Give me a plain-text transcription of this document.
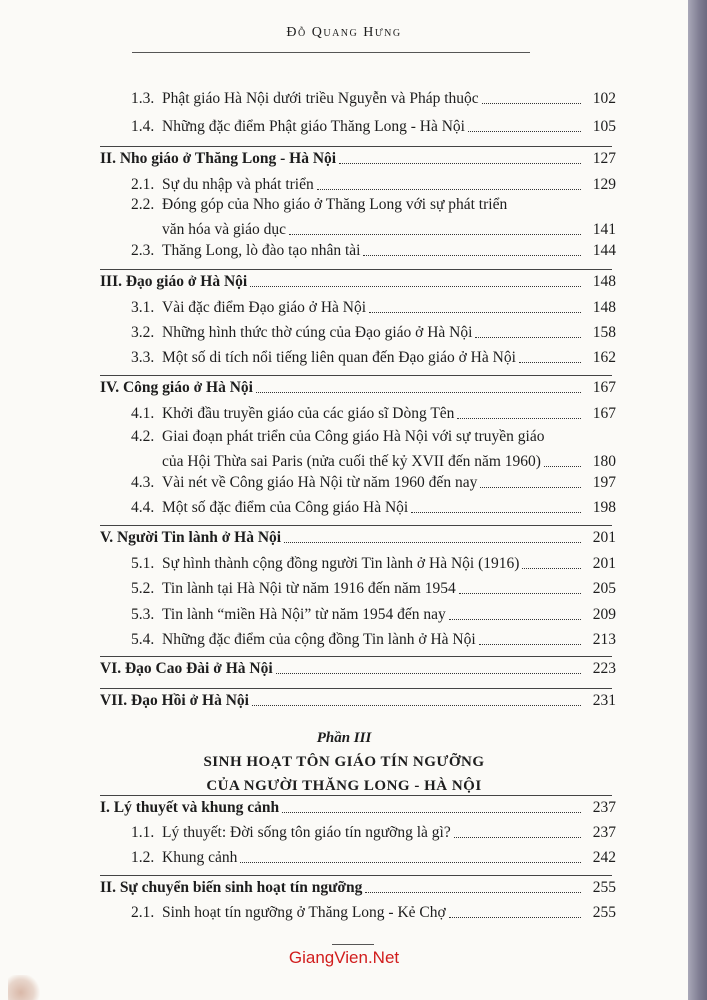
Đỗ Quang Hưng
1.3. Phật giáo Hà Nội dưới triều Nguyễn và Pháp thuộc	102
1.4. Những đặc điểm Phật giáo Thăng Long - Hà Nội	105
II. Nho giáo ở Thăng Long - Hà Nội	127
2.1. Sự du nhập và phát triển	129
2.2. Đóng góp của Nho giáo ở Thăng Long với sự phát triển
văn hóa và giáo dục	141
2.3. Thăng Long, lò đào tạo nhân tài	144
III. Đạo giáo ở Hà Nội	148
3.1. Vài đặc điểm Đạo giáo ở Hà Nội	148
3.2. Những hình thức thờ cúng của Đạo giáo ở Hà Nội	158
3.3. Một số di tích nổi tiếng liên quan đến Đạo giáo ở Hà Nội	162
IV. Công giáo ở Hà Nội	167
4.1. Khởi đầu truyền giáo của các giáo sĩ Dòng Tên	167
4.2. Giai đoạn phát triển của Công giáo Hà Nội với sự truyền giáo
của Hội Thừa sai Paris (nửa cuối thế kỷ XVII đến năm 1960)	180
4.3. Vài nét về Công giáo Hà Nội từ năm 1960 đến nay	197
4.4. Một số đặc điểm của Công giáo Hà Nội	198
V. Người Tin lành ở Hà Nội	201
5.1. Sự hình thành cộng đồng người Tin lành ở Hà Nội (1916)	201
5.2. Tin lành tại Hà Nội từ năm 1916 đến năm 1954	205
5.3. Tin lành “miền Hà Nội” từ năm 1954 đến nay	209
5.4. Những đặc điểm của cộng đồng Tin lành ở Hà Nội	213
VI. Đạo Cao Đài ở Hà Nội	223
VII. Đạo Hồi ở Hà Nội	231
Phần III
SINH HOẠT TÔN GIÁO TÍN NGƯỠNG
CỦA NGƯỜI THĂNG LONG - HÀ NỘI
I. Lý thuyết và khung cảnh	237
1.1. Lý thuyết: Đời sống tôn giáo tín ngưỡng là gì?	237
1.2. Khung cảnh	242
II. Sự chuyển biến sinh hoạt tín ngưỡng	255
2.1. Sinh hoạt tín ngưỡng ở Thăng Long - Kẻ Chợ	255
GiangVien.Net
